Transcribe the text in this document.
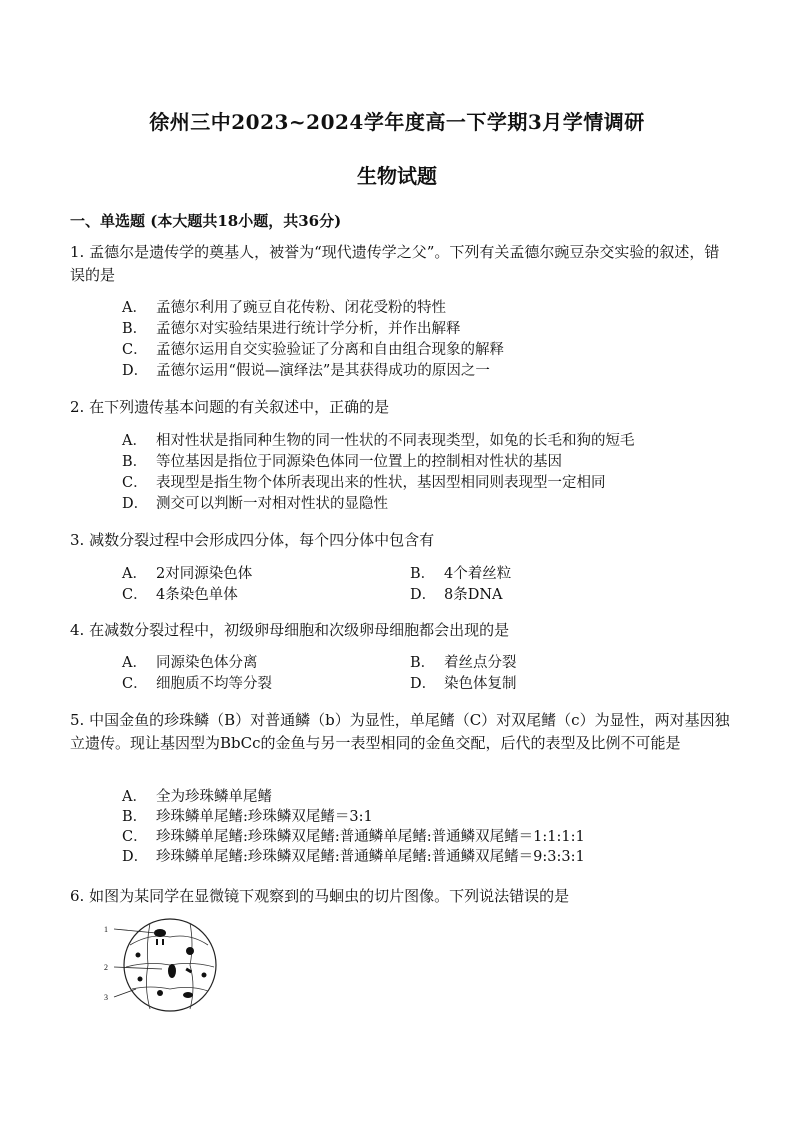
徐州三中2023~2024学年度高一下学期3月学情调研
生物试题
一、单选题 (本大题共18小题，共36分)
1. 孟德尔是遗传学的奠基人，被誉为“现代遗传学之父”。下列有关孟德尔豌豆杂交实验的叙述，错误的是
A． 孟德尔利用了豌豆自花传粉、闭花受粉的特性
B． 孟德尔对实验结果进行统计学分析，并作出解释
C． 孟德尔运用自交实验验证了分离和自由组合现象的解释
D． 孟德尔运用“假说—演绎法”是其获得成功的原因之一
2. 在下列遗传基本问题的有关叙述中，正确的是
A． 相对性状是指同种生物的同一性状的不同表现类型，如兔的长毛和狗的短毛
B． 等位基因是指位于同源染色体同一位置上的控制相对性状的基因
C． 表现型是指生物个体所表现出来的性状，基因型相同则表现型一定相同
D． 测交可以判断一对相对性状的显隐性
3. 减数分裂过程中会形成四分体，每个四分体中包含有
A． 2对同源染色体	B． 4个着丝粒
C． 4条染色单体	D． 8条DNA
4. 在减数分裂过程中，初级卵母细胞和次级卵母细胞都会出现的是
A． 同源染色体分离	B． 着丝点分裂
C． 细胞质不均等分裂	D． 染色体复制
5. 中国金鱼的珍珠鳞（B）对普通鳞（b）为显性，单尾鳍（C）对双尾鳍（c）为显性，两对基因独立遗传。现让基因型为BbCc的金鱼与另一表型相同的金鱼交配，后代的表型及比例不可能是
A． 全为珍珠鳞单尾鳍
B． 珍珠鳞单尾鳍:珍珠鳞双尾鳍＝3:1
C． 珍珠鳞单尾鳍:珍珠鳞双尾鳍:普通鳞单尾鳍:普通鳞双尾鳍＝1:1:1:1
D． 珍珠鳞单尾鳍:珍珠鳞双尾鳍:普通鳞单尾鳍:普通鳞双尾鳍＝9:3:3:1
6. 如图为某同学在显微镜下观察到的马蛔虫的切片图像。下列说法错误的是
1
2
3
